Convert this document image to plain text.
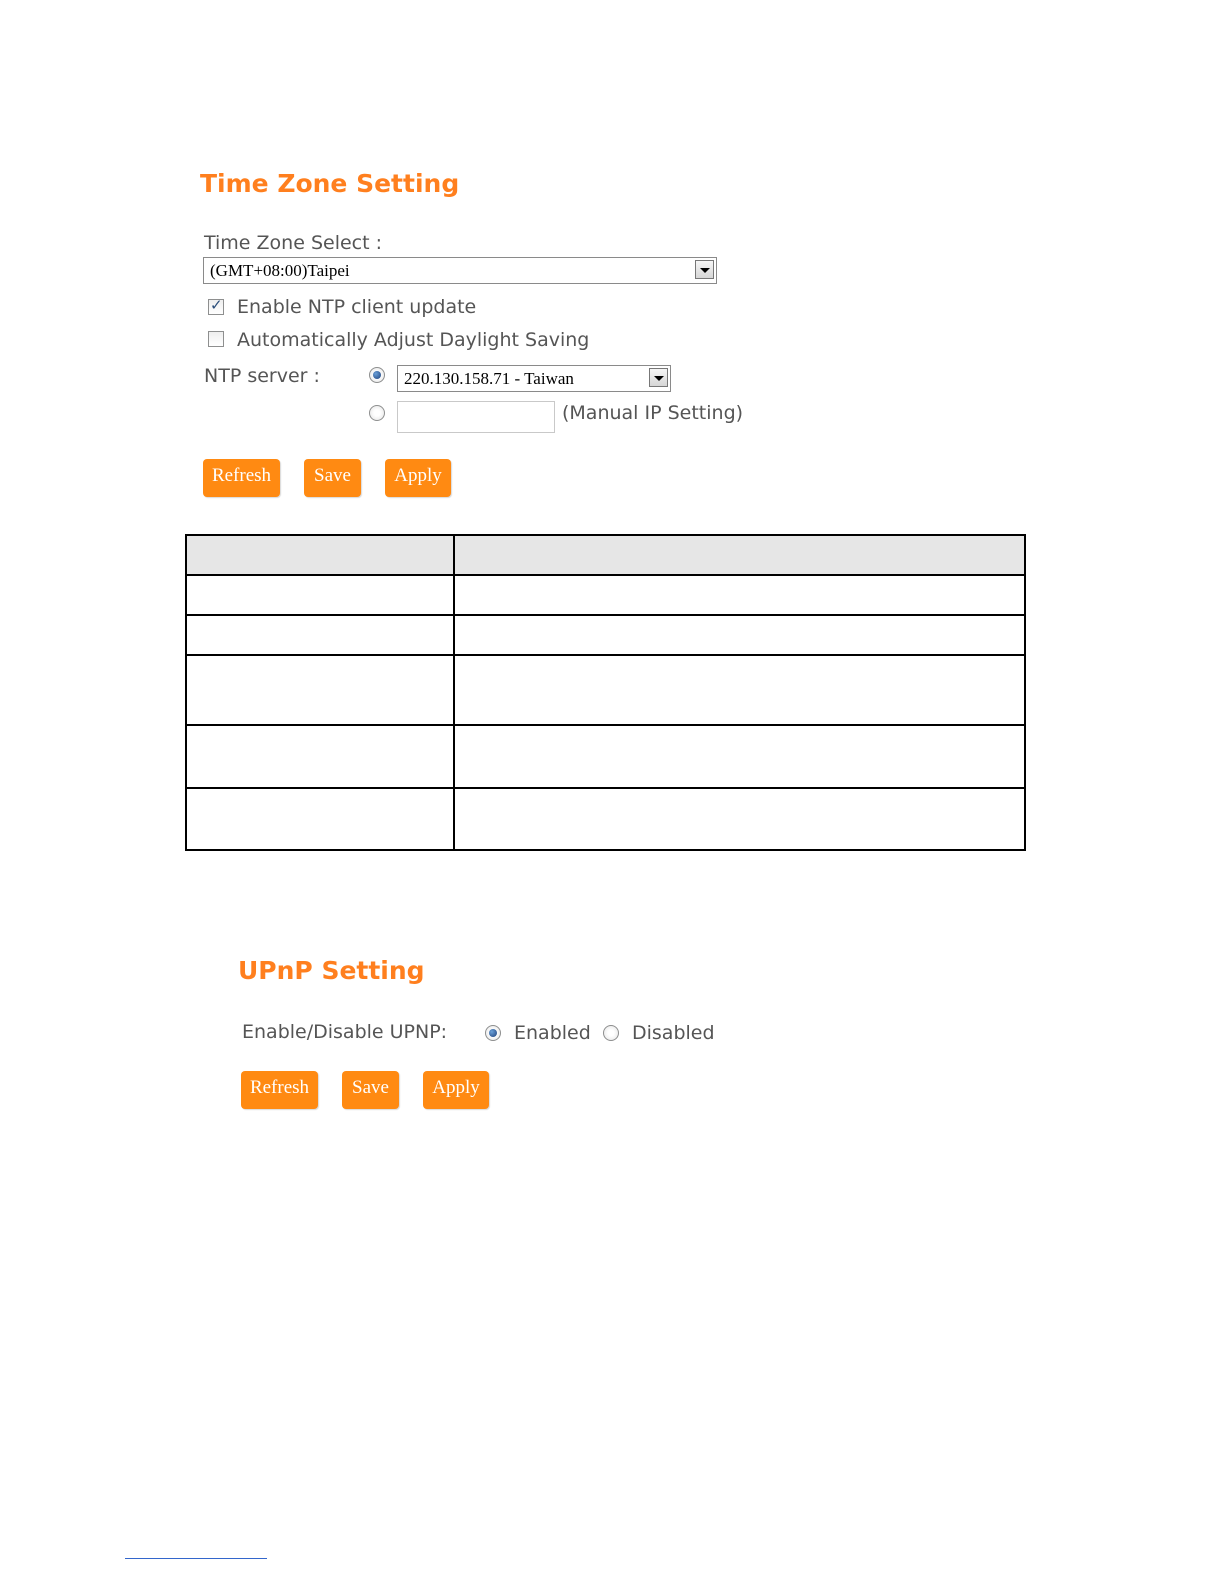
Time Zone Setting
Time Zone Select :
(GMT+08:00)Taipei
✓
Enable NTP client update
Automatically Adjust Daylight Saving
NTP server :	220.130.158.71 - Taiwan
(Manual IP Setting)
Refresh	Save	Apply
UPnP Setting
Enable/Disable UPNP:	Enabled Disabled
Refresh	Save	Apply
